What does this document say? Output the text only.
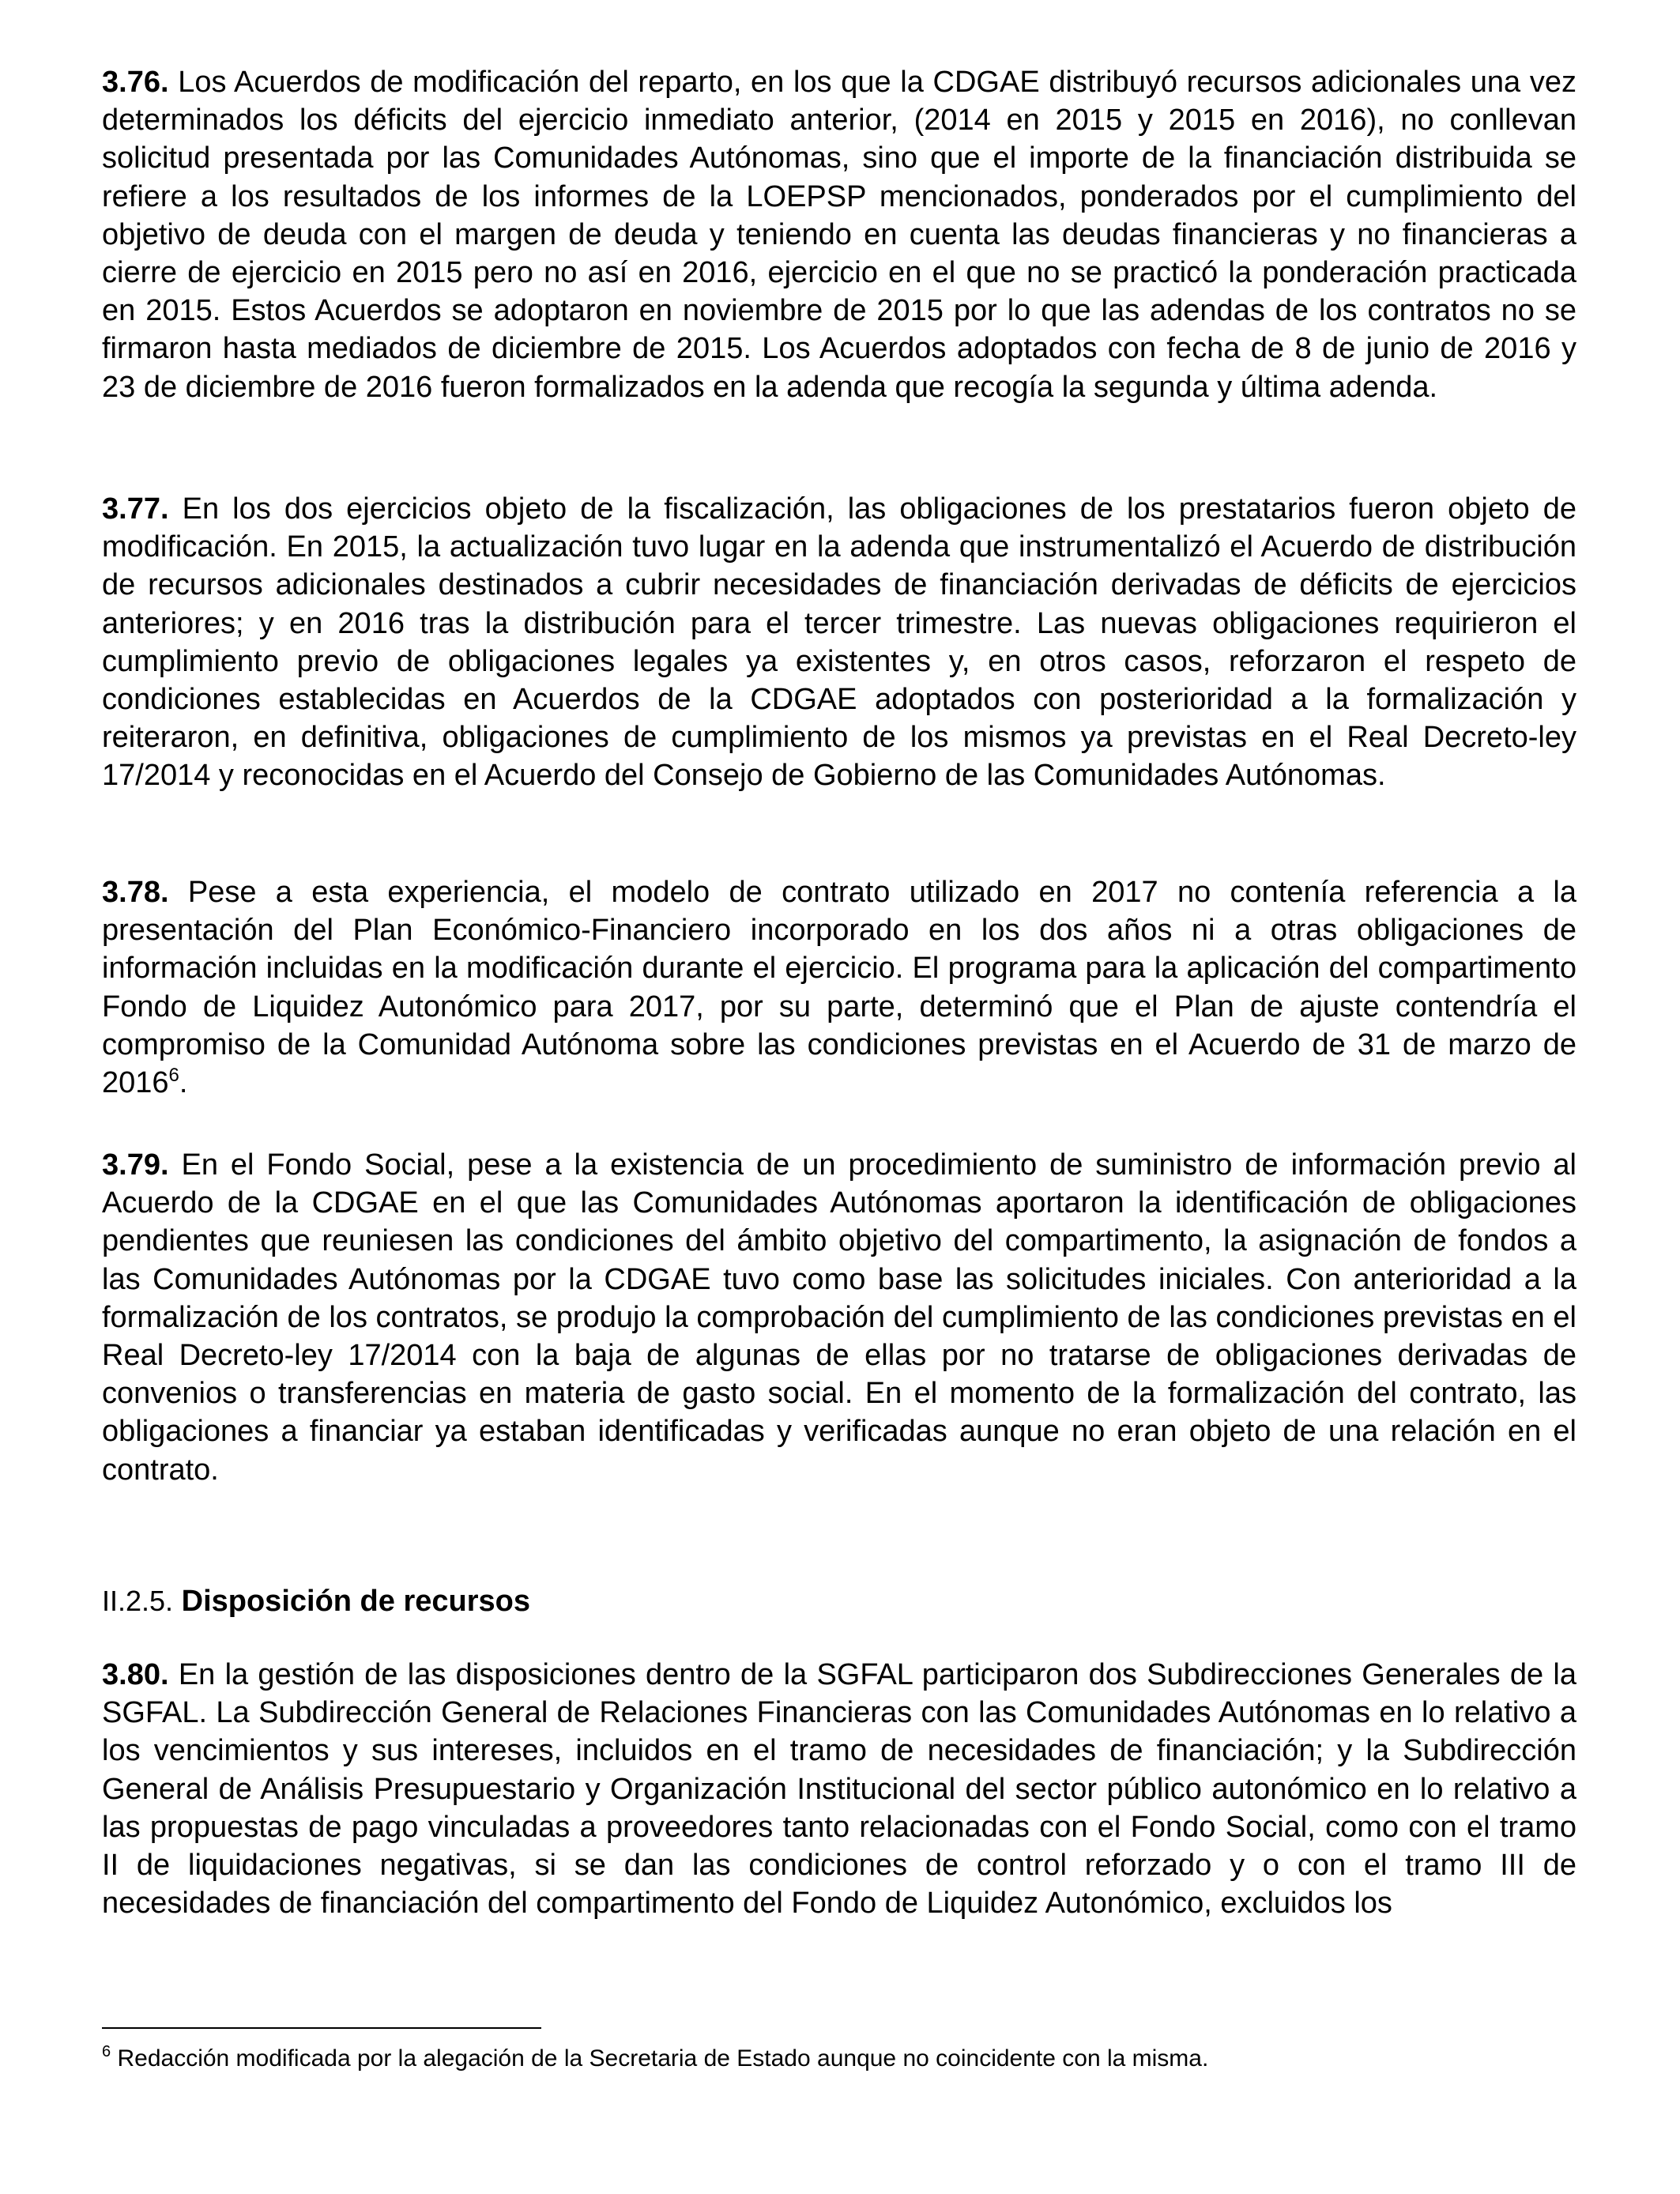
3.76. Los Acuerdos de modificación del reparto, en los que la CDGAE distribuyó recursos adicionales una vez determinados los déficits del ejercicio inmediato anterior, (2014 en 2015 y 2015 en 2016), no conllevan solicitud presentada por las Comunidades Autónomas, sino que el importe de la financiación distribuida se refiere a los resultados de los informes de la LOEPSP mencionados, ponderados por el cumplimiento del objetivo de deuda con el margen de deuda y teniendo en cuenta las deudas financieras y no financieras a cierre de ejercicio en 2015 pero no así en 2016, ejercicio en el que no se practicó la ponderación practicada en 2015. Estos Acuerdos se adoptaron en noviembre de 2015 por lo que las adendas de los contratos no se firmaron hasta mediados de diciembre de 2015. Los Acuerdos adoptados con fecha de 8 de junio de 2016 y 23 de diciembre de 2016 fueron formalizados en la adenda que recogía la segunda y última adenda.

3.77. En los dos ejercicios objeto de la fiscalización, las obligaciones de los prestatarios fueron objeto de modificación. En 2015, la actualización tuvo lugar en la adenda que instrumentalizó el Acuerdo de distribución de recursos adicionales destinados a cubrir necesidades de financiación derivadas de déficits de ejercicios anteriores; y en 2016 tras la distribución para el tercer trimestre. Las nuevas obligaciones requirieron el cumplimiento previo de obligaciones legales ya existentes y, en otros casos, reforzaron el respeto de condiciones establecidas en Acuerdos de la CDGAE adoptados con posterioridad a la formalización y reiteraron, en definitiva, obligaciones de cumplimiento de los mismos ya previstas en el Real Decreto-ley 17/2014 y reconocidas en el Acuerdo del Consejo de Gobierno de las Comunidades Autónomas.

3.78. Pese a esta experiencia, el modelo de contrato utilizado en 2017 no contenía referencia a la presentación del Plan Económico-Financiero incorporado en los dos años ni a otras obligaciones de información incluidas en la modificación durante el ejercicio. El programa para la aplicación del compartimento Fondo de Liquidez Autonómico para 2017, por su parte, determinó que el Plan de ajuste contendría el compromiso de la Comunidad Autónoma sobre las condiciones previstas en el Acuerdo de 31 de marzo de 2016$^6$.

3.79. En el Fondo Social, pese a la existencia de un procedimiento de suministro de información previo al Acuerdo de la CDGAE en el que las Comunidades Autónomas aportaron la identificación de obligaciones pendientes que reuniesen las condiciones del ámbito objetivo del compartimento, la asignación de fondos a las Comunidades Autónomas por la CDGAE tuvo como base las solicitudes iniciales. Con anterioridad a la formalización de los contratos, se produjo la comprobación del cumplimiento de las condiciones previstas en el Real Decreto-ley 17/2014 con la baja de algunas de ellas por no tratarse de obligaciones derivadas de convenios o transferencias en materia de gasto social. En el momento de la formalización del contrato, las obligaciones a financiar ya estaban identificadas y verificadas aunque no eran objeto de una relación en el contrato.

II.2.5. Disposición de recursos

3.80. En la gestión de las disposiciones dentro de la SGFAL participaron dos Subdirecciones Generales de la SGFAL. La Subdirección General de Relaciones Financieras con las Comunidades Autónomas en lo relativo a los vencimientos y sus intereses, incluidos en el tramo de necesidades de financiación; y la Subdirección General de Análisis Presupuestario y Organización Institucional del sector público autonómico en lo relativo a las propuestas de pago vinculadas a proveedores tanto relacionadas con el Fondo Social, como con el tramo II de liquidaciones negativas, si se dan las condiciones de control reforzado y o con el tramo III de necesidades de financiación del compartimento del Fondo de Liquidez Autonómico, excluidos los

$^6$ Redacción modificada por la alegación de la Secretaria de Estado aunque no coincidente con la misma.
